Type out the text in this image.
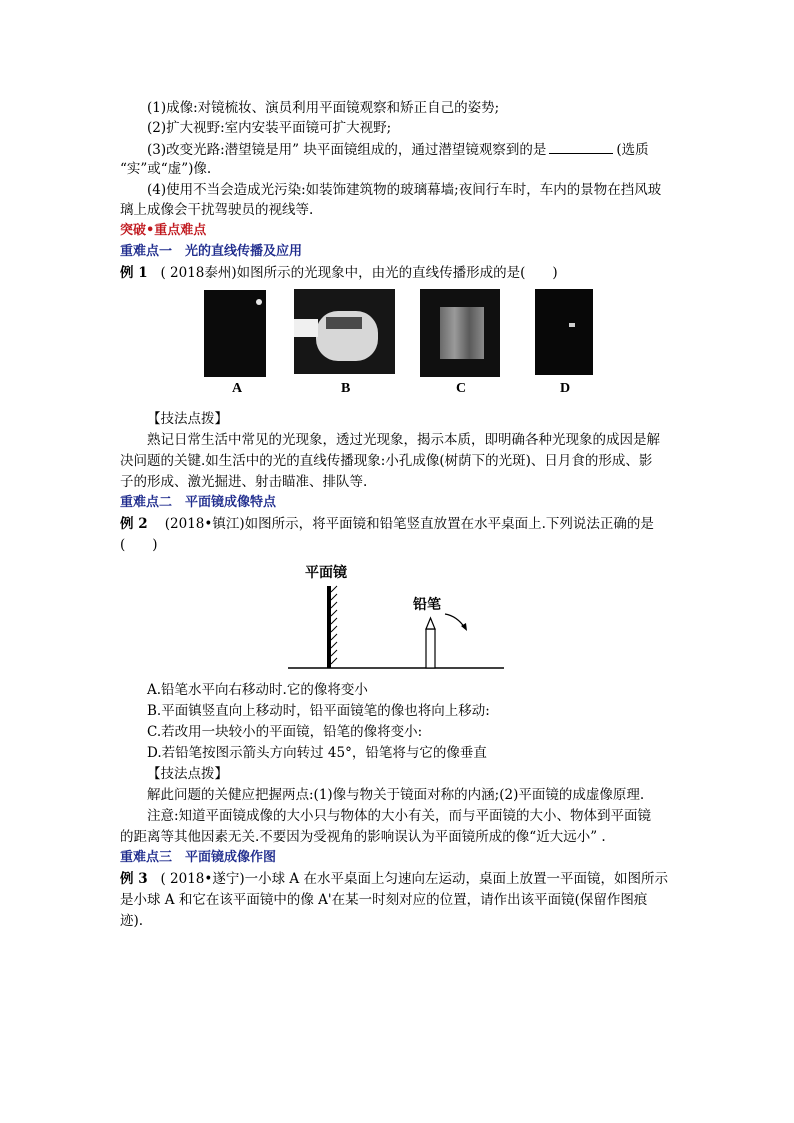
(1)成像:对镜梳妆、演员利用平面镜观察和矫正自己的姿势;
(2)扩大视野:室内安装平面镜可扩大视野;
(3)改变光路:潜望镜是用” 块平面镜组成的，通过潜望镜观察到的是	(选质
“实”或“虚”)像.
(4)使用不当会造成光污染:如装饰建筑物的玻璃幕墙;夜间行车时，车内的景物在挡风玻
璃上成像会干扰驾驶员的视线等.
突破•重点难点
重难点一　光的直线传播及应用
例 1 ( 2018泰州)如图所示的光现象中，由光的直线传播形成的是(　　)
A	B	C	D
【技法点拨】
熟记日常生活中常见的光现象，透过光现象，揭示本质，即明确各种光现象的成因是解
决问题的关键.如生活中的光的直线传播现象:小孔成像(树荫下的光斑)、日月食的形成、影
子的形成、激光掘进、射击瞄准、排队等.
重难点二　平面镜成像特点
例 2 (2018•镇江)如图所示，将平面镜和铅笔竖直放置在水平桌面上.下列说法正确的是
(　　)
平面镜
铅笔
A.铅笔水平向右移动时.它的像将变小
B.平面镇竖直向上移动时，铅平面镜笔的像也将向上移动:
C.若改用一块较小的平面镜，铅笔的像将变小:
D.若铅笔按图示箭头方向转过 45°，铅笔将与它的像垂直
【技法点拨】
解此问题的关健应把握两点:(1)像与物关于镜面对称的内涵;(2)平面镜的成虚像原理.
注意:知道平面镜成像的大小只与物体的大小有关，而与平面镜的大小、物体到平面镜
的距离等其他因素无关.不要因为受视角的影响误认为平面镜所成的像“近大远小” .
重难点三　平面镜成像作图
例 3 ( 2018•遂宁)一小球 A 在水平桌面上匀速向左运动，桌面上放置一平面镜，如图所示
是小球 A 和它在该平面镜中的像 A'在某一时刻对应的位置，请作出该平面镜(保留作图痕
迹).
